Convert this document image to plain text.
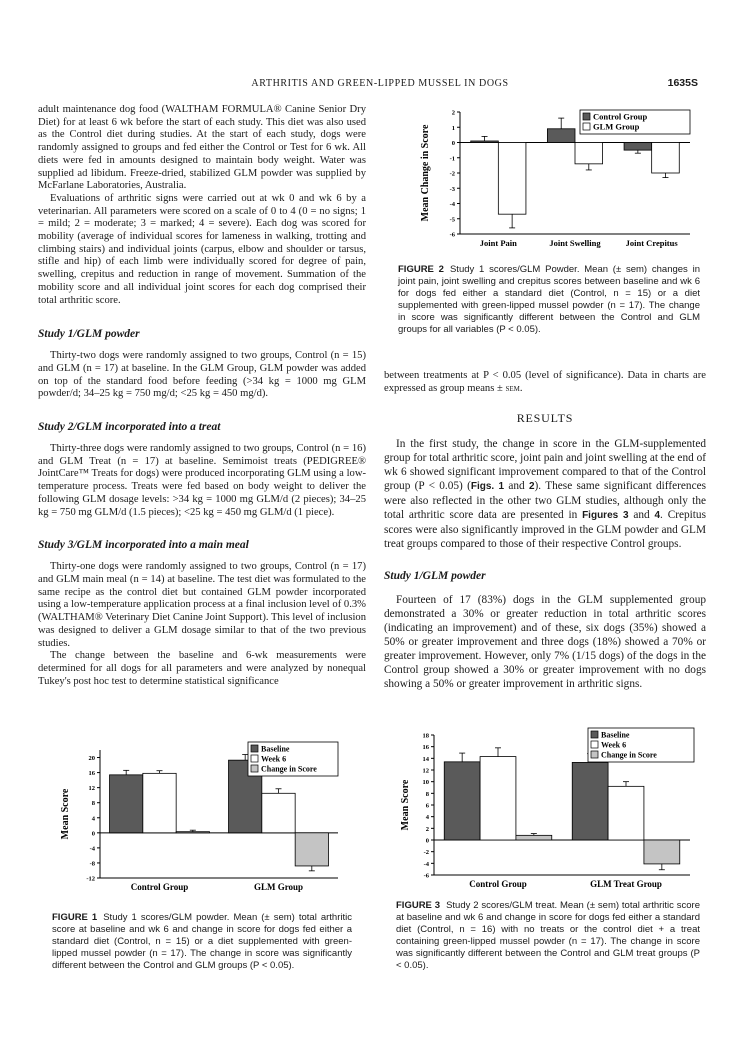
ARTHRITIS AND GREEN-LIPPED MUSSEL IN DOGS	1635S

adult maintenance dog food (WALTHAM FORMULA® Canine Senior Dry Diet) for at least 6 wk before the start of each study. This diet was also used as the Control diet during studies. At the start of each study, dogs were randomly assigned to groups and fed either the Control or Test for 6 wk. All diets were fed in amounts designed to maintain body weight. Water was supplied ad libidum. Freeze-dried, stabilized GLM powder was supplied by McFarlane Laboratories, Australia.

Evaluations of arthritic signs were carried out at wk 0 and wk 6 by a veterinarian. All parameters were scored on a scale of 0 to 4 (0 = no signs; 1 = mild; 2 = moderate; 3 = marked; 4 = severe). Each dog was scored for mobility (average of individual scores for lameness in walking, trotting and climbing stairs) and individual joints (carpus, elbow and shoulder or tarsus, stifle and hip) of each limb were individually scored for degree of pain, swelling, crepitus and reduction in range of movement. Summation of the mobility score and all individual joint scores for each dog comprised their total arthritic score.

Study 1/GLM powder

Thirty-two dogs were randomly assigned to two groups, Control (n = 15) and GLM (n = 17) at baseline. In the GLM Group, GLM powder was added on top of the standard food before feeding (>34 kg = 1000 mg GLM powder/d; 34–25 kg = 750 mg/d; <25 kg = 450 mg/d).

Study 2/GLM incorporated into a treat

Thirty-three dogs were randomly assigned to two groups, Control (n = 16) and GLM Treat (n = 17) at baseline. Semimoist treats (PEDIGREE® JointCare™ Treats for dogs) were produced incorporating GLM using a low-temperature process. Treats were fed based on body weight to deliver the following GLM dosage levels: >34 kg = 1000 mg GLM/d (2 pieces); 34–25 kg = 750 mg GLM/d (1.5 pieces); <25 kg = 450 mg GLM/d (1 piece).

Study 3/GLM incorporated into a main meal

Thirty-one dogs were randomly assigned to two groups, Control (n = 17) and GLM main meal (n = 14) at baseline. The test diet was formulated to the same recipe as the control diet but contained GLM powder incorporated using a low-temperature application process at a final inclusion level of 0.3% (WALTHAM® Veterinary Diet Canine Joint Support). This level of inclusion was designed to deliver a GLM dosage similar to that of the two previous studies.

The change between the baseline and 6-wk measurements were determined for all dogs for all parameters and were analyzed by nonequal Tukey's post hoc test to determine statistical significance

between treatments at P < 0.05 (level of significance). Data in charts are expressed as group means ± sem.

RESULTS

In the first study, the change in score in the GLM-supplemented group for total arthritic score, joint pain and joint swelling at the end of wk 6 showed significant improvement compared to that of the Control group (P < 0.05) (Figs. 1 and 2). These same significant differences were also reflected in the other two GLM studies, although only the total arthritic score data are presented in Figures 3 and 4. Crepitus scores were also significantly improved in the GLM powder and GLM treat groups compared to those of their respective Control groups.

Study 1/GLM powder

Fourteen of 17 (83%) dogs in the GLM supplemented group demonstrated a 30% or greater reduction in total arthritic scores (indicating an improvement) and of these, six dogs (35%) showed a 50% or greater improvement and three dogs (18%) showed a 70% or greater improvement. However, only 7% (1/15 dogs) of the dogs in the Control group showed a 30% or greater improvement with no dogs showing a 50% or greater improvement in arthritic signs.

-6
-5
-4
-3
-2
-1
0
1
2
Mean Change in Score
Joint Pain	Joint Swelling	Joint Crepitus
Control Group
GLM Group
FIGURE 2 Study 1 scores/GLM Powder. Mean (± sem) changes in joint pain, joint swelling and crepitus scores between baseline and wk 6 for dogs fed either a standard diet (Control, n = 15) or a diet supplemented with green-lipped mussel powder (n = 17). The change in score was significantly different between the Control and GLM groups for all variables (P < 0.05).
-12
-8
-4
0
4
8
12
16
20
Mean Score
Control Group	GLM Group
Baseline
Week 6
Change in Score
FIGURE 1 Study 1 scores/GLM powder. Mean (± sem) total arthritic score at baseline and wk 6 and change in score for dogs fed either a standard diet (Control, n = 15) or a diet supplemented with green-lipped mussel powder (n = 17). The change in score was significantly different between the Control and GLM groups (P < 0.05).
-6
-4
-2
0
2
4
6
8
10
12
14
16
18
Mean Score
Control Group	GLM Treat Group
Baseline
Week 6
Change in Score
FIGURE 3 Study 2 scores/GLM treat. Mean (± sem) total arthritic score at baseline and wk 6 and change in score for dogs fed either a standard diet (Control, n = 16) with no treats or the control diet + a treat containing green-lipped mussel powder (n = 17). The change in score was significantly different between the Control and GLM treat groups (P < 0.05).
